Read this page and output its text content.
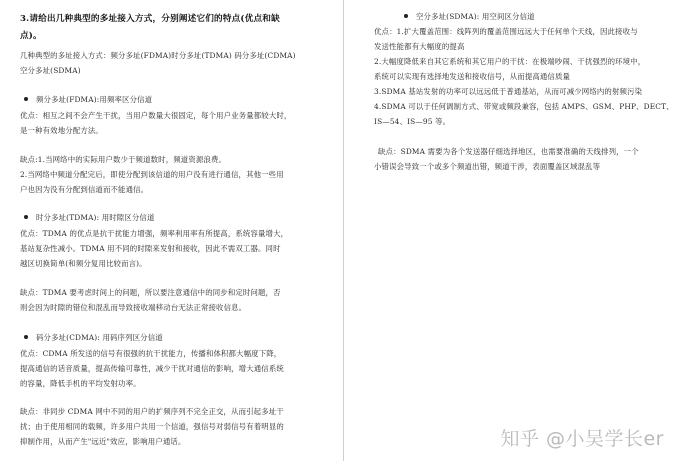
3.请给出几种典型的多址接入方式，分别阐述它们的特点(优点和缺
点)。
几种典型的多址接入方式：频分多址(FDMA)时分多址(TDMA) 码分多址(CDMA)
空分多址(SDMA)
频分多址(FDMA):用频率区分信道
优点：相互之间不会产生干扰，当用户数量大很固定，每个用户业务量都较大时，
是一种有效地分配方法。
缺点:1.当网络中的实际用户数少于频道数时，频道资源浪费。
2.当网络中频道分配完后，即使分配到该信道的用户没有进行通信，其他一些用
户也因为没有分配到信道而不能通信。
时分多址(TDMA): 用时隙区分信道
优点：TDMA 的优点是抗干扰能力增强，频率利用率有所提高，系统容量增大，
基站复杂性减小。TDMA 用不同的时隙来发射和接收，因此不需双工器。同时
越区切换简单(和频分复用比较而言)。
缺点：TDMA 要考虑时间上的问题，所以要注意通信中的同步和定时问题，否
则会因为时隙的错位和混乱而导致接收端移动台无法正常接收信息。
码分多址(CDMA): 用码序列区分信道
优点：CDMA 所发送的信号有很强的抗干扰能力，传播和体积都大幅度下降，
提高通信的话音质量，提高传输可靠性，减少干扰对通信的影响，增大通信系统
的容量，降低手机的平均发射功率。
缺点：非同步 CDMA 网中不同的用户的扩频序列不完全正交，从而引起多址干
扰；由于使用相同的载频，许多用户共用一个信道，强信号对弱信号有着明显的
抑制作用，从而产生"远近"效应，影响用户通话。
空分多址(SDMA): 用空间区分信道
优点：1.扩大覆盖范围：线阵列的覆盖范围远远大于任何单个天线，因此接收与
发送性能都有大幅度的提高
2.大幅度降低来自其它系统和其它用户的干扰：在极端吵闹、干扰强烈的环境中，
系统可以实现有选择地发送和接收信号，从而提高通信质量
3.SDMA 基站发射的功率可以远远低于普通基站，从而可减少网络内的射频污染
4.SDMA 可以于任何调制方式、带宽或频段兼容，包括 AMPS、GSM、PHP、DECT、
IS—54、IS—95 等。
缺点：SDMA 需要为各个发送器仔细选择地区，也需要准确的天线排列，一个
小错误会导致一个或多个频道出错，频道干涉，表面覆盖区域混乱等
知乎 @小吴学长er
